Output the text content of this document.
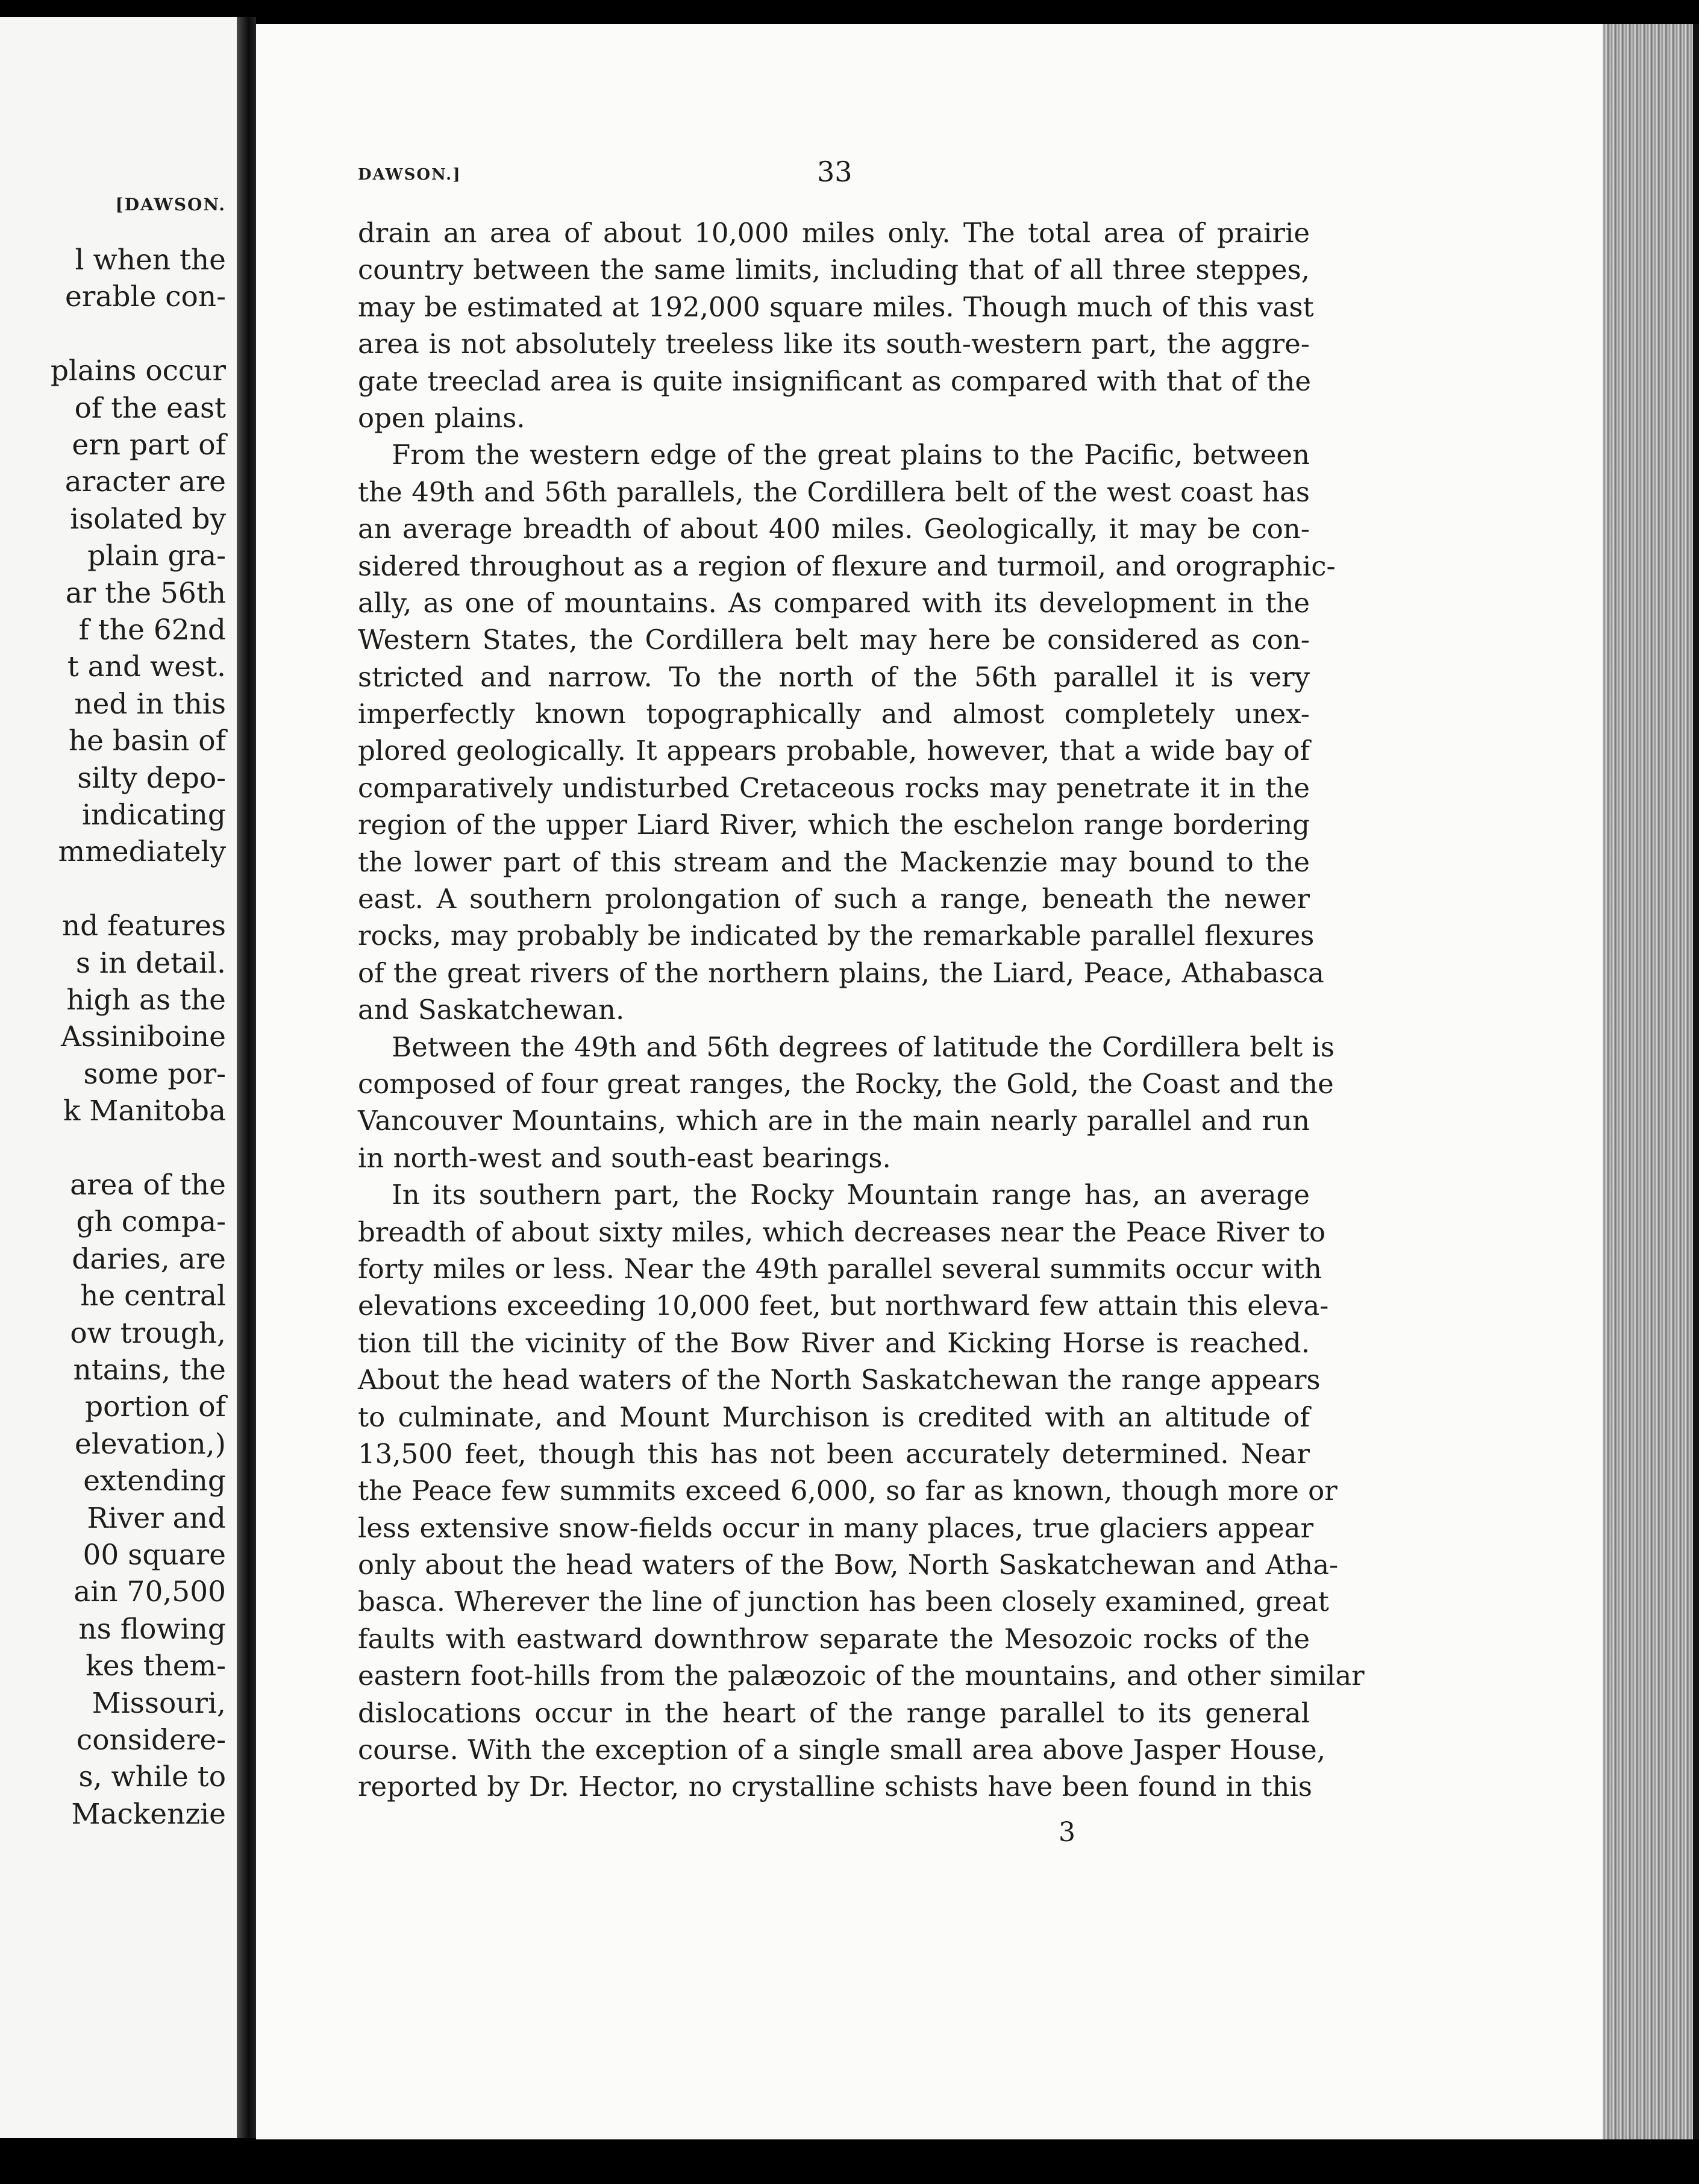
[DAWSON.
l when the
erable con-
plains occur
of the east
ern part of
aracter are
isolated by
plain gra-
ar the 56th
f the 62nd
t and west.
ned in this
he basin of
silty depo-
indicating
mmediately
nd features
s in detail.
high as the
Assiniboine
some por-
k Manitoba
area of the
gh compa-
daries, are
he central
ow trough,
ntains, the
portion of
elevation,)
extending
River and
00 square
ain 70,500
ns flowing
kes them-
Missouri,
considere-
s, while to
Mackenzie
DAWSON.]	33
drain an area of about 10,000 miles only. The total area of prairie
country between the same limits, including that of all three steppes,
may be estimated at 192,000 square miles. Though much of this vast
area is not absolutely treeless like its south-western part, the aggre-
gate treeclad area is quite insignificant as compared with that of the
open plains.
From the western edge of the great plains to the Pacific, between
the 49th and 56th parallels, the Cordillera belt of the west coast has
an average breadth of about 400 miles. Geologically, it may be con-
sidered throughout as a region of flexure and turmoil, and orographic-
ally, as one of mountains. As compared with its development in the
Western States, the Cordillera belt may here be considered as con-
stricted and narrow. To the north of the 56th parallel it is very
imperfectly known topographically and almost completely unex-
plored geologically. It appears probable, however, that a wide bay of
comparatively undisturbed Cretaceous rocks may penetrate it in the
region of the upper Liard River, which the eschelon range bordering
the lower part of this stream and the Mackenzie may bound to the
east. A southern prolongation of such a range, beneath the newer
rocks, may probably be indicated by the remarkable parallel flexures
of the great rivers of the northern plains, the Liard, Peace, Athabasca
and Saskatchewan.
Between the 49th and 56th degrees of latitude the Cordillera belt is
composed of four great ranges, the Rocky, the Gold, the Coast and the
Vancouver Mountains, which are in the main nearly parallel and run
in north-west and south-east bearings.
In its southern part, the Rocky Mountain range has, an average
breadth of about sixty miles, which decreases near the Peace River to
forty miles or less. Near the 49th parallel several summits occur with
elevations exceeding 10,000 feet, but northward few attain this eleva-
tion till the vicinity of the Bow River and Kicking Horse is reached.
About the head waters of the North Saskatchewan the range appears
to culminate, and Mount Murchison is credited with an altitude of
13,500 feet, though this has not been accurately determined. Near
the Peace few summits exceed 6,000, so far as known, though more or
less extensive snow-fields occur in many places, true glaciers appear
only about the head waters of the Bow, North Saskatchewan and Atha-
basca. Wherever the line of junction has been closely examined, great
faults with eastward downthrow separate the Mesozoic rocks of the
eastern foot-hills from the palæozoic of the mountains, and other similar
dislocations occur in the heart of the range parallel to its general
course. With the exception of a single small area above Jasper House,
reported by Dr. Hector, no crystalline schists have been found in this
3
